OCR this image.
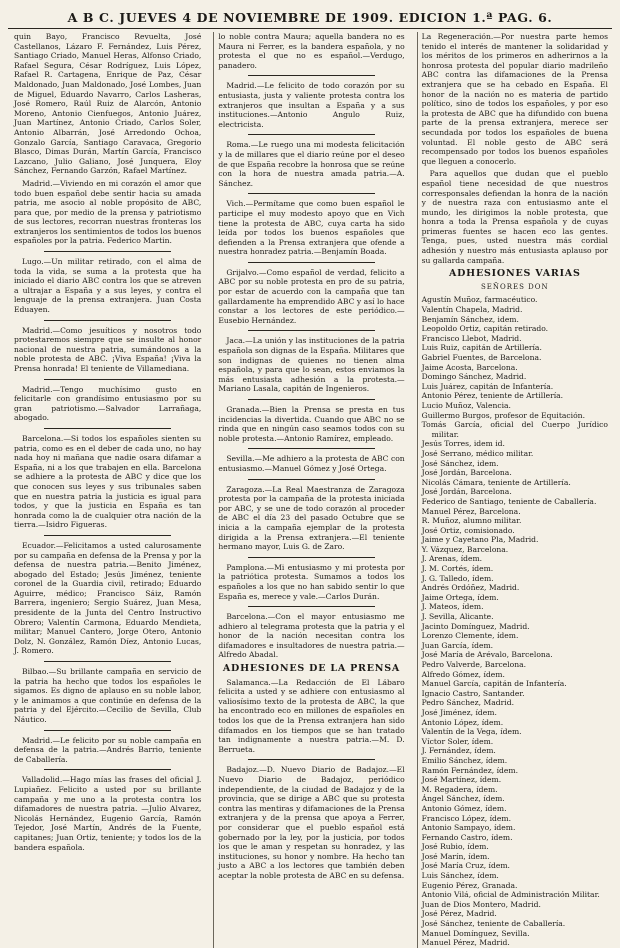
A B C. JUEVES 4 DE NOVIEMBRE DE 1909. EDICION 1.ª PAG. 6.

quin Bayo, Francisco Revuelta, José Castellanos, Lázaro F. Fernández, Luis Pérez, Santiago Criado, Manuel Heras, Alfonso Criado, Rafael Segura, César Rodríguez, Luis López, Rafael R. Cartagena, Enrique de Paz, César Maldonado, Juan Maldonado, José Lombes, Juan de Miguel, Eduardo Navarro, Carlos Lasheras, José Romero, Raúl Ruiz de Alarcón, Antonio Moreno, Antonio Cienfuegos, Antonio Juárez, Juan Martínez, Antonio Criado, Carlos Soler, Antonio Albarrán, José Arredondo Ochoa, Gonzalo García, Santiago Caravaca, Gregorio Blasco, Dimas Durán, Martín García, Francisco Lazcano, Julio Galiano, José Junquera, Eloy Sánchez, Fernando Garzón, Rafael Martínez.

Madrid.—Viviendo en mi corazón el amor que todo buen español debe sentir hacia su amada patria, me asocio al noble propósito de ABC, para que, por medio de la prensa y patriotismo de sus lectores, recorran nuestras fronteras los extranjeros los sentimientos de todos los buenos españoles por la patria. Federico Martin.

Lugo.—Un militar retirado, con el alma de toda la vida, se suma a la protesta que ha iniciado el diario ABC contra los que se atreven a ultrajar a España y a sus leyes, y contra el lenguaje de la prensa extranjera. Juan Costa Eduayen.

Madrid.—Como jesuíticos y nosotros todo protestaremos siempre que se insulte al honor nacional de nuestra patria, sumándonos a la noble protesta de ABC. ¡Viva España! ¡Viva la Prensa honrada! El teniente de Villamediana.

Madrid.—Tengo muchísimo gusto en felicitarle con grandísimo entusiasmo por su gran patriotismo.—Salvador Larrañaga, abogado.

Barcelona.—Si todos los españoles sienten su patria, como es en el deber de cada uno, no hay nada hoy ni mañana que nadie osara difamar a España, ni a los que trabajen en ella. Barcelona se adhiere a la protesta de ABC y dice que los que conocen sus leyes y sus tribunales saben que en nuestra patria la justicia es igual para todos, y que la justicia en España es tan honrada como la de cualquier otra nación de la tierra.—Isidro Figueras.

Ecuador.—Felicitamos a usted calurosamente por su campaña en defensa de la Prensa y por la defensa de nuestra patria.—Benito Jiménez, abogado del Estado; Jesús Jiménez, teniente coronel de la Guardia civil, retirado; Eduardo Aguirre, médico; Francisco Sáiz, Ramón Barrera, ingeniero; Sergio Suárez, Juan Mesa, presidente de la Junta del Centro Instructivo Obrero; Valentín Carmona, Eduardo Mendieta, militar; Manuel Cantero, Jorge Otero, Antonio Dolz, N. González, Ramón Díez, Antonio Lucas, J. Romero.

Bilbao.—Su brillante campaña en servicio de la patria ha hecho que todos los españoles le sigamos. Es digno de aplauso en su noble labor, y le animamos a que continúe en defensa de la patria y del Ejército.—Cecilio de Sevilla, Club Náutico.

Madrid.—Le felicito por su noble campaña en defensa de la patria.—Andrés Barrio, teniente de Caballería.

Valladolid.—Hago mías las frases del oficial J. Lupiañez. Felicito a usted por su brillante campaña y me uno a la protesta contra los difamadores de nuestra patria. —Julio Alvarez, Nicolás Hernández, Eugenio García, Ramón Tejedor, José Martín, Andrés de la Fuente, capitanes; Juan Ortiz, teniente; y todos los de la bandera española.

lo noble contra Maura; aquella bandera no es Maura ni Ferrer, es la bandera española, y no protesta el que no es español.—Verdugo, panadero.

Madrid.—Le felicito de todo corazón por su entusiasta, justa y valiente protesta contra los extranjeros que insultan a España y a sus instituciones.—Antonio Angulo Ruiz, electricista.

Roma.—Le ruego una mi modesta felicitación y la de millares que el diario reúne por el deseo de que España recobre la honrosa que se reúne con la hora de nuestra amada patria.—A. Sánchez.

Vich.—Permítame que como buen español le participe el muy modesto apoyo que en Vich tiene la protesta de ABC, cuya carta ha sido leída por todos los buenos españoles que defienden a la Prensa extranjera que ofende a nuestra honradez patria.—Benjamín Boada.

Grijalvo.—Como español de verdad, felicito a ABC por su noble protesta en pro de su patria, por estar de acuerdo con la campaña que tan gallardamente ha emprendido ABC y así lo hace constar a los lectores de este periódico.—Eusebio Hernández.

Jaca.—La unión y las instituciones de la patria española son dignas de la España. Militares que son indignas de quienes no tienen alma española, y para que lo sean, estos enviamos la más entusiasta adhesión a la protesta.—Mariano Lasala, capitán de Ingenieros.

Granada.—Bien la Prensa se presta en tus incidencias la divertida. Cuando que ABC no se rinda que en ningún caso seamos todos con su noble protesta.—Antonio Ramírez, empleado.

Sevilla.—Me adhiero a la protesta de ABC con entusiasmo.—Manuel Gómez y José Ortega.

Zaragoza.—La Real Maestranza de Zaragoza protesta por la campaña de la protesta iniciada por ABC, y se une de todo corazón al proceder de ABC el día 23 del pasado Octubre que se inicia a la campaña ejemplar de la protesta dirigida a la Prensa extranjera.—El teniente hermano mayor, Luis G. de Zaro.

Pamplona.—Mi entusiasmo y mi protesta por la patriótica protesta. Sumamos a todos los españoles a los que no han sabido sentir lo que España es, merece y vale.—Carlos Durán.

Barcelona.—Con el mayor entusiasmo me adhiero al telegrama protesta que la patria y el honor de la nación necesitan contra los difamadores e insultadores de nuestra patria.—Alfredo Abadal.

ADHESIONES DE LA PRENSA

Salamanca.—La Redacción de El Lábaro felicita a usted y se adhiere con entusiasmo al valiosísimo texto de la protesta de ABC, la que ha encontrado eco en millones de españoles en todos los que de la Prensa extranjera han sido difamados en los tiempos que se han tratado tan indignamente a nuestra patria.—M. D. Berrueta.

Badajoz.—D. Nuevo Diario de Badajoz.—El Nuevo Diario de Badajoz, periódico independiente, de la ciudad de Badajoz y de la provincia, que se dirige a ABC que su protesta contra las mentiras y difamaciones de la Prensa extranjera y de la prensa que apoya a Ferrer, por considerar que el pueblo español está gobernado por la ley, por la justicia, por todos los que le aman y respetan su honradez, y las instituciones, su honor y nombre. Ha hecho tan justo a ABC a los lectores que también deben aceptar la noble protesta de ABC en su defensa.

La Regeneración.—Por nuestra parte hemos tenido el interés de mantener la solidaridad y los méritos de los primeros en adherirnos a la honrosa protesta del popular diario madrileño ABC contra las difamaciones de la Prensa extranjera que se ha cebado en España. El honor de la nación no es materia de partido político, sino de todos los españoles, y por eso la protesta de ABC que ha difundido con buena parte de la prensa extranjera, merece ser secundada por todos los españoles de buena voluntad. El noble gesto de ABC será recompensado por todos los buenos españoles que lleguen a conocerlo.

Para aquellos que dudan que el pueblo español tiene necesidad de que nuestros corresponsales defiendan la honra de la nación y de nuestra raza con entusiasmo ante el mundo, les dirigimos la noble protesta, que honra a toda la Prensa española y de cuyas primeras fuentes se hacen eco las gentes. Tenga, pues, usted nuestra más cordial adhesión y nuestro más entusiasta aplauso por su gallarda campaña.

ADHESIONES VARIAS
SEÑORES DON
Agustín Muñoz, farmacéutico.
Valentín Chapela, Madrid.
Benjamín Sánchez, idem.
Leopoldo Ortiz, capitán retirado.
Francisco Llebot, Madrid.
Luis Ruiz, capitán de Artillería.
Gabriel Fuentes, de Barcelona.
Jaime Acosta, Barcelona.
Domingo Sánchez, Madrid.
Luis Juárez, capitán de Infantería.
Antonio Pérez, teniente de Artillería.
Lucio Muñoz, Valencia.
Guillermo Burgos, profesor de Equitación.
Tomás García, oficial del Cuerpo Jurídico militar.
Jesús Torres, idem id.
José Serrano, médico militar.
José Sánchez, idem.
José Jordán, Barcelona.
Nicolás Cámara, teniente de Artillería.
José Jordán, Barcelona.
Federico de Santiago, teniente de Caballería.
Manuel Pérez, Barcelona.
R. Muñoz, alumno militar.
José Ortiz, comisionado.
Jaime y Cayetano Pla, Madrid.
Y. Vázquez, Barcelona.
J. Arenas, ídem.
J. M. Cortés, ídem.
J. G. Talledo, ídem.
Andrés Ordóñez, Madrid.
Jaime Ortega, ídem.
J. Mateos, ídem.
J. Sevilla, Alicante.
Jacinto Domínguez, Madrid.
Lorenzo Clemente, ídem.
Juan García, ídem.
José María de Arévalo, Barcelona.
Pedro Valverde, Barcelona.
Alfredo Gómez, ídem.
Manuel García, capitán de Infantería.
Ignacio Castro, Santander.
Pedro Sánchez, Madrid.
José Jiménez, ídem.
Antonio López, ídem.
Valentín de la Vega, ídem.
Víctor Soler, ídem.
J. Fernández, ídem.
Emilio Sánchez, ídem.
Ramón Fernández, ídem.
José Martínez, ídem.
M. Regadera, ídem.
Ángel Sánchez, ídem.
Antonio Gómez, ídem.
Francisco López, ídem.
Antonio Sampayo, ídem.
Fernando Castro, ídem.
José Rubio, ídem.
José Marín, ídem.
José María Cruz, ídem.
Luis Sánchez, ídem.
Eugenio Pérez, Granada.
Antonio Vilá, oficial de Administración Militar.
Juan de Dios Montero, Madrid.
José Pérez, Madrid.
José Sánchez, teniente de Caballería.
Manuel Domínguez, Sevilla.
Manuel Pérez, Madrid.
